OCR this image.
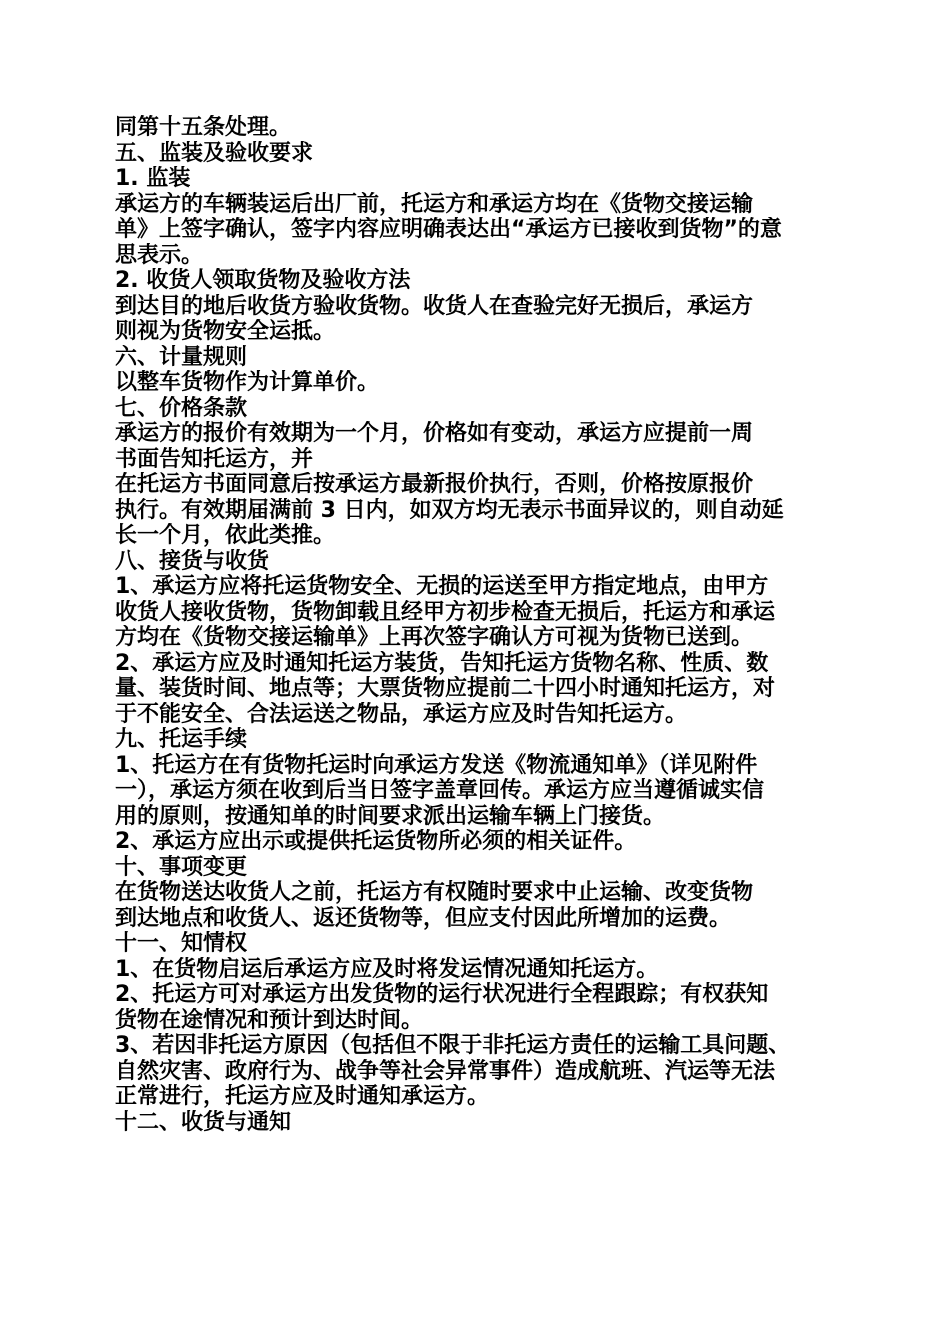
同第十五条处理。
五、监装及验收要求
1. 监装
承运方的车辆装运后出厂前，托运方和承运方均在《货物交接运输
单》上签字确认，签字内容应明确表达出“承运方已接收到货物”的意
思表示。
2. 收货人领取货物及验收方法
到达目的地后收货方验收货物。收货人在查验完好无损后，承运方
则视为货物安全运抵。
六、计量规则
以整车货物作为计算单价。
七、价格条款
承运方的报价有效期为一个月，价格如有变动，承运方应提前一周
书面告知托运方，并
在托运方书面同意后按承运方最新报价执行，否则，价格按原报价
执行。有效期届满前 3 日内，如双方均无表示书面异议的，则自动延
长一个月，依此类推。
八、接货与收货
1、承运方应将托运货物安全、无损的运送至甲方指定地点，由甲方
收货人接收货物，货物卸载且经甲方初步检查无损后，托运方和承运
方均在《货物交接运输单》上再次签字确认方可视为货物已送到。
2、承运方应及时通知托运方装货，告知托运方货物名称、性质、数
量、装货时间、地点等；大票货物应提前二十四小时通知托运方，对
于不能安全、合法运送之物品，承运方应及时告知托运方。
九、托运手续
1、托运方在有货物托运时向承运方发送《物流通知单》（详见附件
一），承运方须在收到后当日签字盖章回传。承运方应当遵循诚实信
用的原则，按通知单的时间要求派出运输车辆上门接货。
2、承运方应出示或提供托运货物所必须的相关证件。
十、事项变更
在货物送达收货人之前，托运方有权随时要求中止运输、改变货物
到达地点和收货人、返还货物等，但应支付因此所增加的运费。
十一、知情权
1、在货物启运后承运方应及时将发运情况通知托运方。
2、托运方可对承运方出发货物的运行状况进行全程跟踪；有权获知
货物在途情况和预计到达时间。
3、若因非托运方原因（包括但不限于非托运方责任的运输工具问题、
自然灾害、政府行为、战争等社会异常事件）造成航班、汽运等无法
正常进行，托运方应及时通知承运方。
十二、收货与通知
